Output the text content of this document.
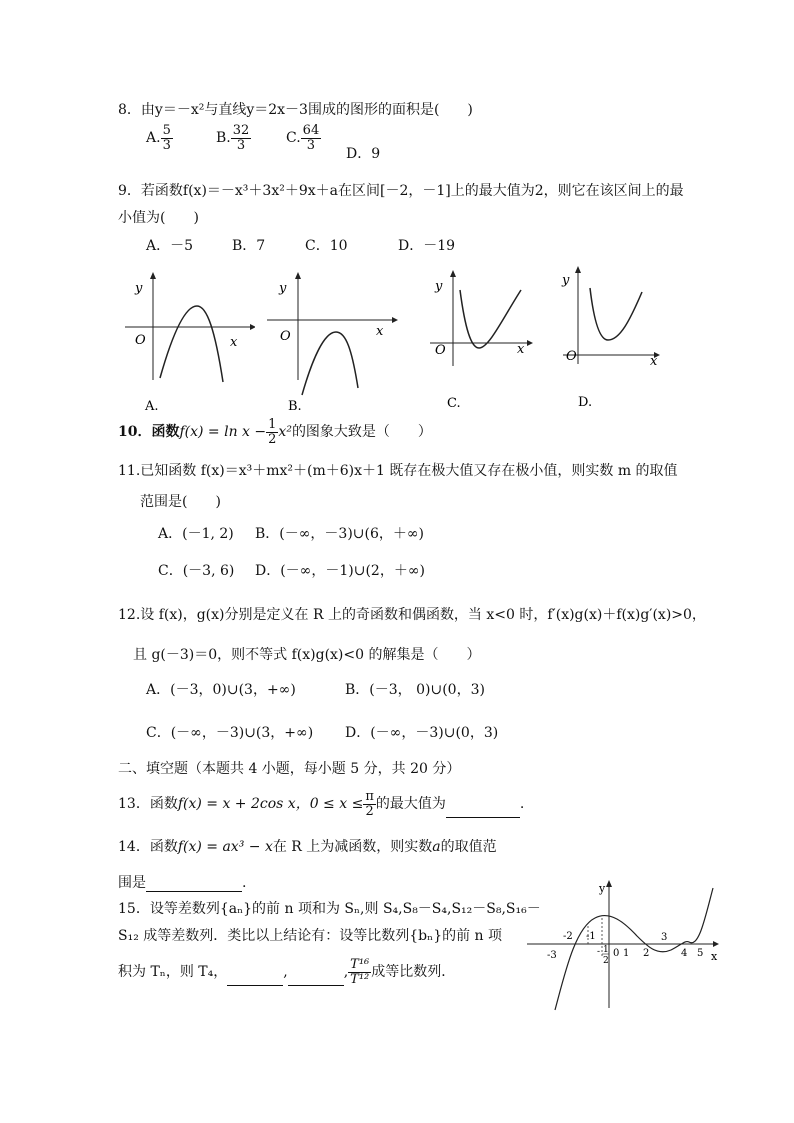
8．由y＝－x²与直线y＝2x－3围成的图形的面积是(　　)
A. $\frac{5}{3}$	B. $\frac{32}{3} C$. $\frac{64}{3}$
D．9
9．若函数f(x)＝－x³＋3x²＋9x＋a在区间[－2，－1]上的最大值为2，则它在该区间上的最
小值为(　　)
A．－5	B．7	C．10	D．－19
y
x
O
A.
y
x
O
B.
y
x
O
C.
y
x
O
D.
10．函数$f(x) = \ln x - \frac{1}{2} x^2$的图象大致是（　　）
11.已知函数 f(x)＝x³＋mx²＋(m＋6)x＋1 既存在极大值又存在极小值，则实数 m 的取值
范围是(　　)
A．(－1, 2) B．(－∞，－3)∪(6，＋∞)
C．(－3, 6) D．(－∞，－1)∪(2，＋∞)
12.设 f(x)，g(x)分别是定义在 R 上的奇函数和偶函数，当 x<0 时，f′(x)g(x)＋f(x)g′(x)>0，
且 g(－3)＝0，则不等式 f(x)g(x)<0 的解集是（　　）
A．(－3，0)∪(3，+∞)	B．(－3， 0)∪(0，3)
C．(－∞，－3)∪(3，+∞) D．(－∞，－3)∪(0，3)
二、填空题（本题共 4 小题，每小题 5 分，共 20 分）
13．函数f(x) = x + 2cos x，$0 \le x \le \frac{\pi}{2}$ 的最大值为	.
14．函数f(x) = ax³ − x在 R 上为减函数，则实数a的取值范
围是	.
15．设等差数列{aₙ}的前 n 项和为 Sₙ,则 S₄,S₈－S₄,S₁₂－S₈,S₁₆－
S₁₂ 成等差数列．类比以上结论有：设等比数列{bₙ}的前 n 项
积为 Tₙ，则 T₄，	,	, $\frac{\text{T¹⁶}}{\text{T¹²}}$ 成等比数列．
y
x
-3
-2 -1
0 1 2
3
4 5
- 1
2
